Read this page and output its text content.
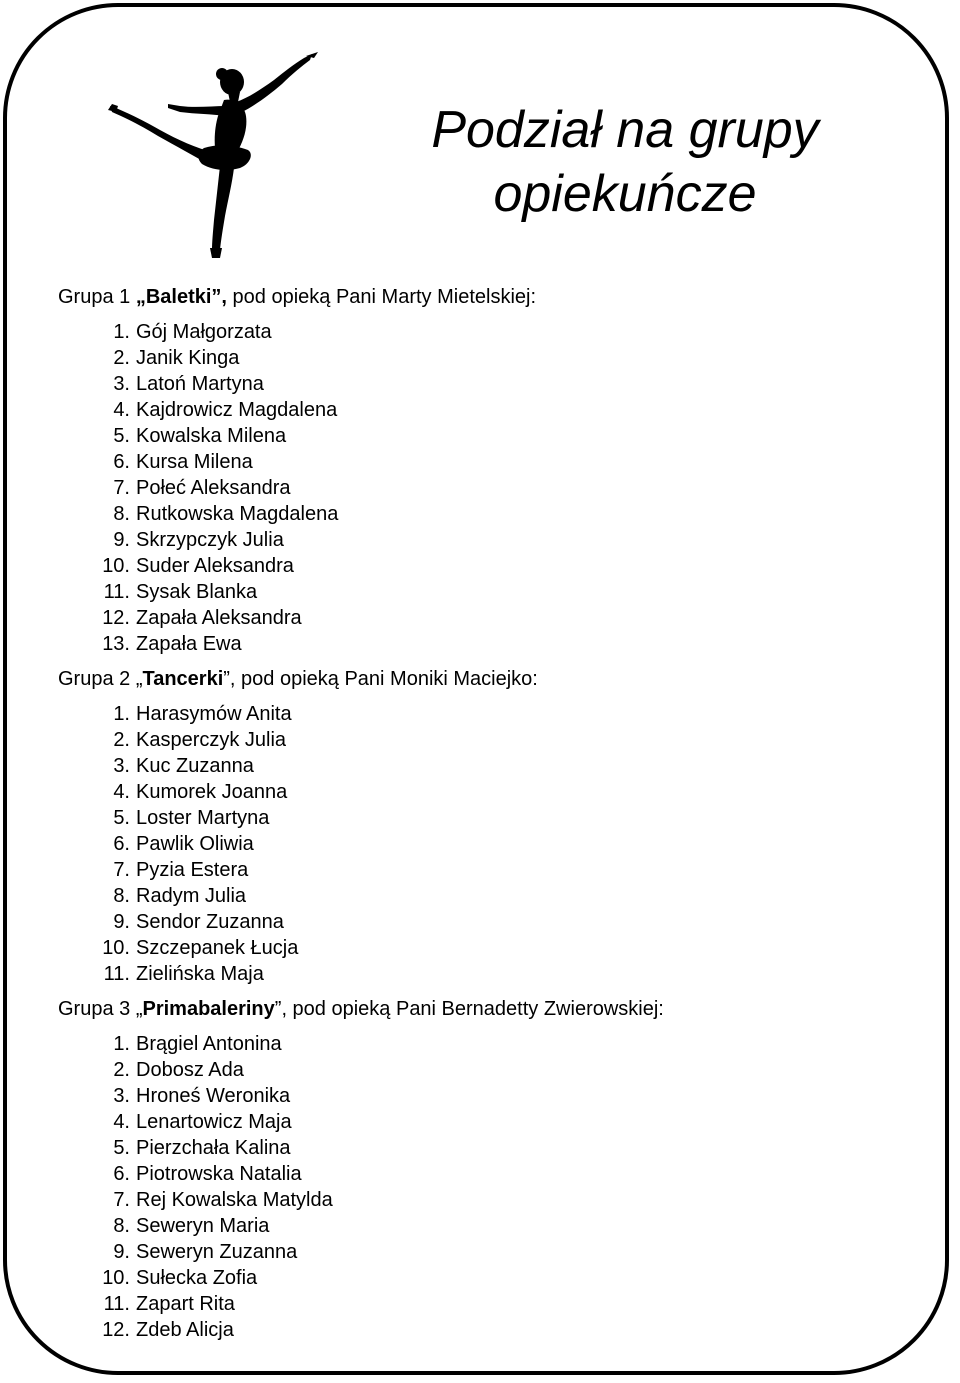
Podział na grupy
opiekuńcze
Grupa 1 „Baletki”, pod opieką Pani Marty Mietelskiej:
1. Gój Małgorzata
2. Janik Kinga
3. Latoń Martyna
4. Kajdrowicz Magdalena
5. Kowalska Milena
6. Kursa Milena
7. Połeć Aleksandra
8. Rutkowska Magdalena
9. Skrzypczyk Julia
10. Suder Aleksandra
11. Sysak Blanka
12. Zapała Aleksandra
13. Zapała Ewa
Grupa 2 „Tancerki”, pod opieką Pani Moniki Maciejko:
1. Harasymów Anita
2. Kasperczyk Julia
3. Kuc Zuzanna
4. Kumorek Joanna
5. Loster Martyna
6. Pawlik Oliwia
7. Pyzia Estera
8. Radym Julia
9. Sendor Zuzanna
10. Szczepanek Łucja
11. Zielińska Maja
Grupa 3 „Primabaleriny”, pod opieką Pani Bernadetty Zwierowskiej:
1. Brągiel Antonina
2. Dobosz Ada
3. Hroneś Weronika
4. Lenartowicz Maja
5. Pierzchała Kalina
6. Piotrowska Natalia
7. Rej Kowalska Matylda
8. Seweryn Maria
9. Seweryn Zuzanna
10. Sułecka Zofia
11. Zapart Rita
12. Zdeb Alicja
